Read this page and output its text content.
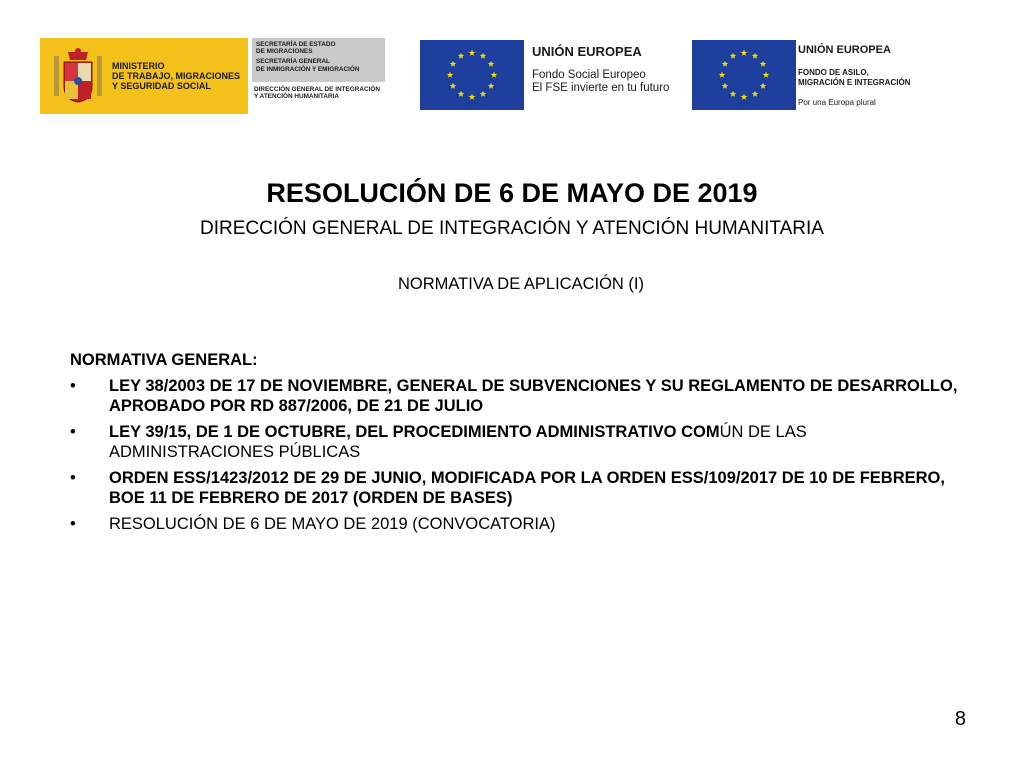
MINISTERIO
DE TRABAJO, MIGRACIONES
Y SEGURIDAD SOCIAL
SECRETARÍA DE ESTADO
DE MIGRACIONES
SECRETARÍA GENERAL
DE INMIGRACIÓN Y EMIGRACIÓN
DIRECCIÓN GENERAL DE INTEGRACIÓN
Y ATENCIÓN HUMANITARIA
UNIÓN EUROPEA
Fondo Social Europeo
El FSE invierte en tu futuro
UNIÓN EUROPEA
FONDO DE ASILO,
MIGRACIÓN E INTEGRACIÓN
Por una Europa plural
RESOLUCIÓN DE 6 DE MAYO DE 2019
DIRECCIÓN GENERAL DE INTEGRACIÓN Y ATENCIÓN HUMANITARIA
NORMATIVA DE APLICACIÓN (I)
NORMATIVA GENERAL:
• LEY 38/2003 DE 17 DE NOVIEMBRE, GENERAL DE SUBVENCIONES Y SU REGLAMENTO DE DESARROLLO, APROBADO POR RD 887/2006, DE 21 DE JULIO
• LEY 39/15, DE 1 DE OCTUBRE, DEL PROCEDIMIENTO ADMINISTRATIVO COMÚN DE LAS ADMINISTRACIONES PÚBLICAS
• ORDEN ESS/1423/2012 DE 29 DE JUNIO, MODIFICADA POR LA ORDEN ESS/109/2017 DE 10 DE FEBRERO, BOE 11 DE FEBRERO DE 2017 (ORDEN DE BASES)
• RESOLUCIÓN DE 6 DE MAYO DE 2019 (CONVOCATORIA)
8
